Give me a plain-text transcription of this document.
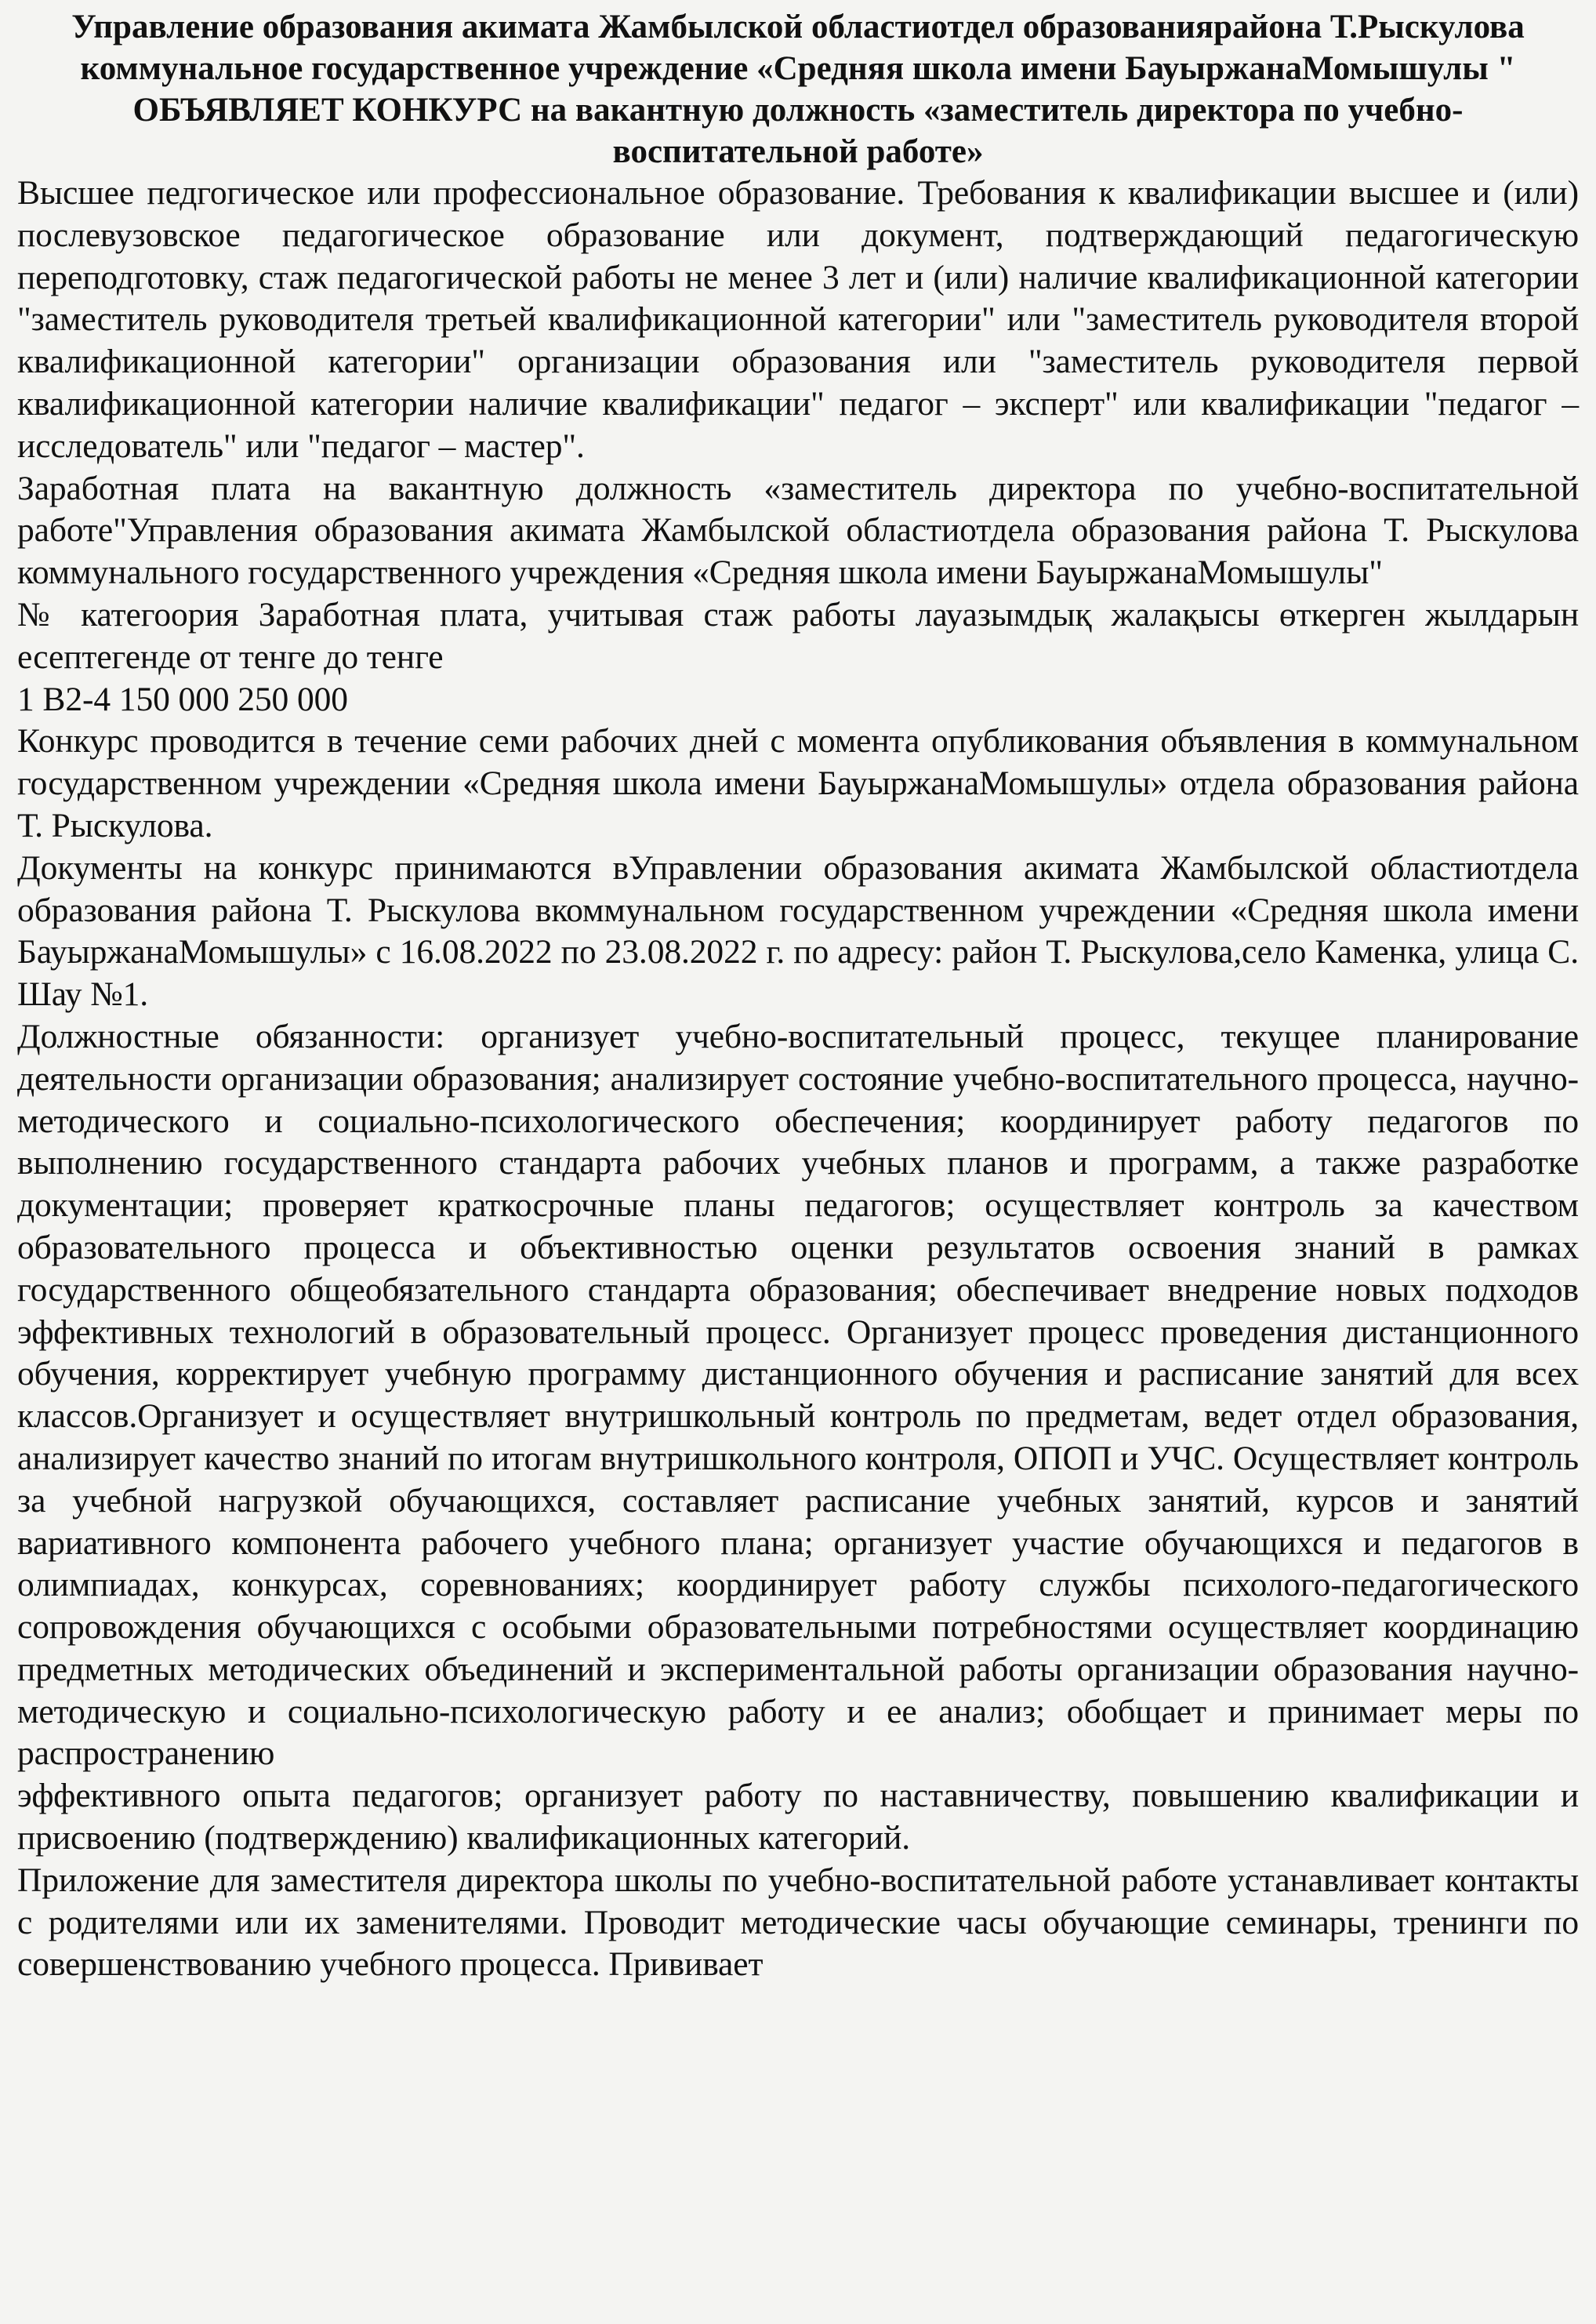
Управление образования акимата Жамбылской областиотдел образованиярайона Т.Рыскулова коммунальное государственное учреждение «Средняя школа имени БауыржанаМомышулы " ОБЪЯВЛЯЕТ КОНКУРС на вакантную должность «заместитель директора по учебно-воспитательной работе»

Высшее педгогическое или профессиональное образование. Требования к квалификации высшее и (или) послевузовское педагогическое образование или документ, подтверждающий педагогическую переподготовку, стаж педагогической работы не менее 3 лет и (или) наличие квалификационной категории "заместитель руководителя третьей квалификационной категории" или "заместитель руководителя второй квалификационной категории" организации образования или "заместитель руководителя первой квалификационной категории наличие квалификации" педагог – эксперт" или квалификации "педагог – исследователь" или "педагог – мастер".

Заработная плата на вакантную должность «заместитель директора по учебно-воспитательной работе"Управления образования акимата Жамбылской областиотдела образования района Т. Рыскулова коммунального государственного учреждения «Средняя школа имени БауыржанаМомышулы"

№ категоория Заработная плата, учитывая стаж работы лауазымдық жалақысы өткерген жылдарын есептегенде от тенге до тенге

1 В2-4 150 000 250 000

Конкурс проводится в течение семи рабочих дней с момента опубликования объявления в коммунальном государственном учреждении «Средняя школа имени БауыржанаМомышулы» отдела образования района Т. Рыскулова.

Документы на конкурс принимаются вУправлении образования акимата Жамбылской областиотдела образования района Т. Рыскулова вкоммунальном государственном учреждении «Средняя школа имени БауыржанаМомышулы» с 16.08.2022 по 23.08.2022 г. по адресу: район Т. Рыскулова,село Каменка, улица С. Шау №1.

Должностные обязанности: организует учебно-воспитательный процесс, текущее планирование деятельности организации образования; анализирует состояние учебно-воспитательного процесса, научно-методического и социально-психологического обеспечения; координирует работу педагогов по выполнению государственного стандарта рабочих учебных планов и программ, а также разработке документации; проверяет краткосрочные планы педагогов; осуществляет контроль за качеством образовательного процесса и объективностью оценки результатов освоения знаний в рамках государственного общеобязательного стандарта образования; обеспечивает внедрение новых подходов эффективных технологий в образовательный процесс. Организует процесс проведения дистанционного обучения, корректирует учебную программу дистанционного обучения и расписание занятий для всех классов.Организует и осуществляет внутришкольный контроль по предметам, ведет отдел образования, анализирует качество знаний по итогам внутришкольного контроля, ОПОП и УЧС. Осуществляет контроль за учебной нагрузкой обучающихся, составляет расписание учебных занятий, курсов и занятий вариативного компонента рабочего учебного плана; организует участие обучающихся и педагогов в олимпиадах, конкурсах, соревнованиях; координирует работу службы психолого-педагогического сопровождения обучающихся с особыми образовательными потребностями осуществляет координацию предметных методических объединений и экспериментальной работы организации образования научно-методическую и социально-психологическую работу и ее анализ; обобщает и принимает меры по распространению

эффективного опыта педагогов; организует работу по наставничеству, повышению квалификации и присвоению (подтверждению) квалификационных категорий.

Приложение для заместителя директора школы по учебно-воспитательной работе устанавливает контакты с родителями или их заменителями. Проводит методические часы обучающие семинары, тренинги по совершенствованию учебного процесса. Прививает
